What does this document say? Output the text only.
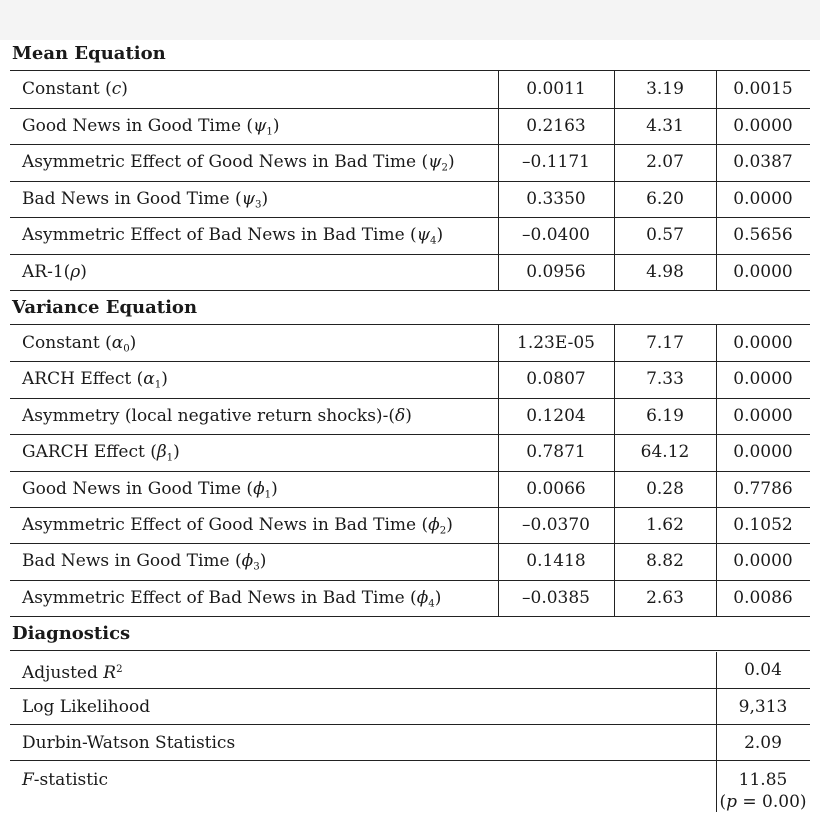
Mean Equation
Constant (c)	0.0011	3.19	0.0015
Good News in Good Time $(\psi_1)$	0.2163	4.31	0.0000
Asymmetric Effect of Good News in Bad Time $(\psi_2)$	–0.1171	2.07	0.0387
Bad News in Good Time $(\psi_3)$	0.3350	6.20	0.0000
Asymmetric Effect of Bad News in Bad Time $(\psi_4)$	–0.0400	0.57	0.5656
AR-1(ρ)	0.0956	4.98	0.0000
Variance Equation
Constant $(\alpha_0)$	1.23E-05	7.17	0.0000
ARCH Effect $(\alpha_1)$	0.0807	7.33	0.0000
Asymmetry (local negative return shocks)-(δ)	0.1204	6.19	0.0000
GARCH Effect $(\beta_1)$	0.7871	64.12	0.0000
Good News in Good Time $(\phi_1)$	0.0066	0.28	0.7786
Asymmetric Effect of Good News in Bad Time $(\phi_2)$	–0.0370	1.62	0.1052
Bad News in Good Time $(\phi_3)$	0.1418	8.82	0.0000
Asymmetric Effect of Bad News in Bad Time $(\phi_4)$	–0.0385	2.63	0.0086
Diagnostics
Adjusted $R^2$	0.04
Log Likelihood	9,313
Durbin-Watson Statistics	2.09
F-statistic	11.85
(p = 0.00)
